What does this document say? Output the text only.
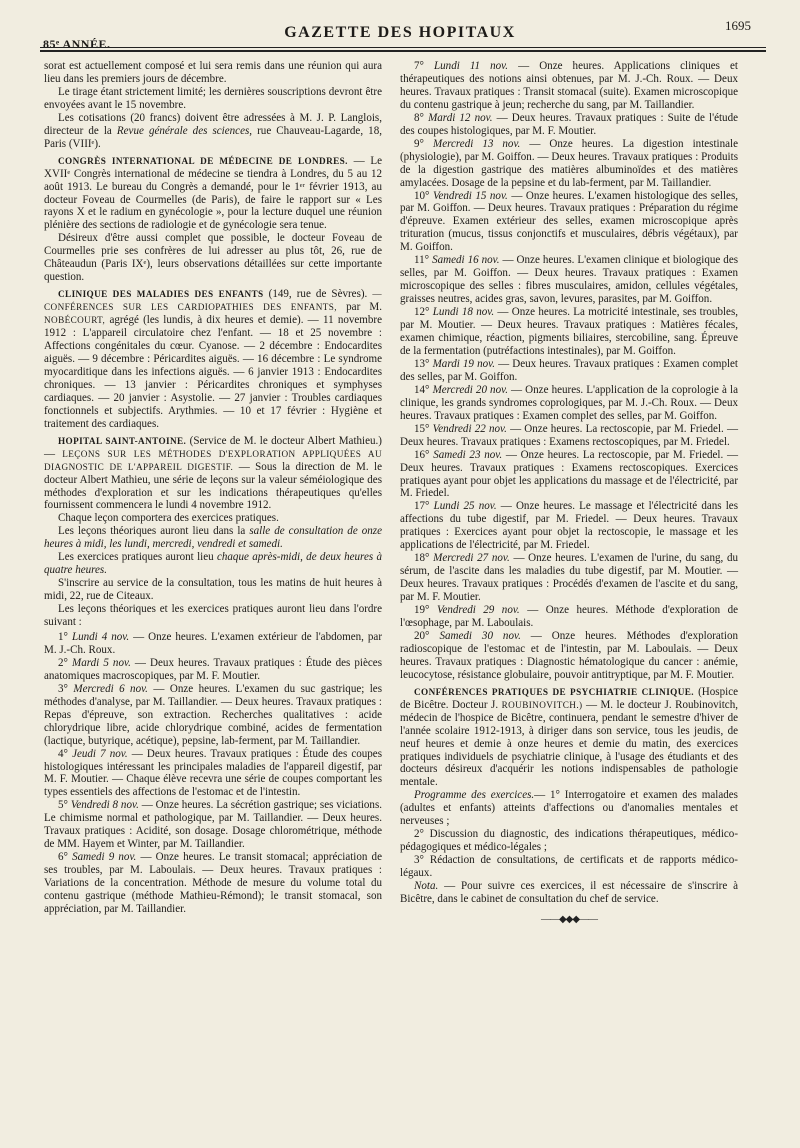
85ᵉ ANNÉE.
GAZETTE DES HOPITAUX	1695

sorat est actuellement composé et lui sera remis dans une réunion qui aura lieu dans les premiers jours de décembre.

Le tirage étant strictement limité; les dernières souscriptions devront être envoyées avant le 15 novembre.

Les cotisations (20 francs) doivent être adressées à M. J. P. Langlois, directeur de la Revue générale des sciences, rue Chauveau-Lagarde, 18, Paris (VIIIᵉ).

CONGRÈS INTERNATIONAL DE MÉDECINE DE LONDRES. — Le XVIIᵉ Congrès international de médecine se tiendra à Londres, du 5 au 12 août 1913. Le bureau du Congrès a demandé, pour le 1ᵉʳ février 1913, au docteur Foveau de Courmelles (de Paris), de faire le rapport sur « Les rayons X et le radium en gynécologie », pour la lecture duquel une réunion plénière des sections de radiologie et de gynécologie sera tenue.

Désireux d'être aussi complet que possible, le docteur Foveau de Courmelles prie ses confrères de lui adresser au plus tôt, 26, rue de Châteaudun (Paris IXᵉ), leurs observations détaillées sur cette importante question.

CLINIQUE DES MALADIES DES ENFANTS (149, rue de Sèvres). — CONFÉRENCES SUR LES CARDIOPATHIES DES ENFANTS, par M. NOBÉCOURT, agrégé (les lundis, à dix heures et demie). — 11 novembre 1912 : L'appareil circulatoire chez l'enfant. — 18 et 25 novembre : Affections congénitales du cœur. Cyanose. — 2 décembre : Endocardites aiguës. — 9 décembre : Péricardites aiguës. — 16 décembre : Le syndrome myocarditique dans les infections aiguës. — 6 janvier 1913 : Endocardites chroniques. — 13 janvier : Péricardites chroniques et symphyses cardiaques. — 20 janvier : Asystolie. — 27 janvier : Troubles cardiaques fonctionnels et subjectifs. Arythmies. — 10 et 17 février : Hygiène et traitement des cardiaques.

HOPITAL SAINT-ANTOINE. (Service de M. le docteur Albert Mathieu.) — LEÇONS SUR LES MÉTHODES D'EXPLORATION APPLIQUÉES AU DIAGNOSTIC DE L'APPAREIL DIGESTIF. — Sous la direction de M. le docteur Albert Mathieu, une série de leçons sur la valeur séméiologique des méthodes d'exploration et sur les indications thérapeutiques qu'elles fournissent commencera le lundi 4 novembre 1912.

Chaque leçon comportera des exercices pratiques.

Les leçons théoriques auront lieu dans la salle de consultation de onze heures à midi, les lundi, mercredi, vendredi et samedi.

Les exercices pratiques auront lieu chaque après-midi, de deux heures à quatre heures.

S'inscrire au service de la consultation, tous les matins de huit heures à midi, 22, rue de Citeaux.

Les leçons théoriques et les exercices pratiques auront lieu dans l'ordre suivant :

1° Lundi 4 nov. — Onze heures. L'examen extérieur de l'abdomen, par M. J.-Ch. Roux.

2° Mardi 5 nov. — Deux heures. Travaux pratiques : Étude des pièces anatomiques macroscopiques, par M. F. Moutier.

3° Mercredi 6 nov. — Onze heures. L'examen du suc gastrique; les méthodes d'analyse, par M. Taillandier. — Deux heures. Travaux pratiques : Repas d'épreuve, son extraction. Recherches qualitatives : acide chlorydrique libre, acide chlorydrique combiné, acides de fermentation (lactique, butyrique, acétique), pepsine, lab-ferment, par M. Taillandier.

4° Jeudi 7 nov. — Deux heures. Travaux pratiques : Étude des coupes histologiques intéressant les principales maladies de l'appareil digestif, par M. F. Moutier. — Chaque élève recevra une série de coupes comportant les types essentiels des affections de l'estomac et de l'intestin.

5° Vendredi 8 nov. — Onze heures. La sécrétion gastrique; ses viciations. Le chimisme normal et pathologique, par M. Taillandier. — Deux heures. Travaux pratiques : Acidité, son dosage. Dosage chlorométrique, méthode de MM. Hayem et Winter, par M. Taillandier.

6° Samedi 9 nov. — Onze heures. Le transit stomacal; appréciation de ses troubles, par M. Laboulais. — Deux heures. Travaux pratiques : Variations de la concentration. Méthode de mesure du volume total du contenu gastrique (méthode Mathieu-Rémond); le transit stomacal, son appréciation, par M. Taillandier.

7° Lundi 11 nov. — Onze heures. Applications cliniques et thérapeutiques des notions ainsi obtenues, par M. J.-Ch. Roux. — Deux heures. Travaux pratiques : Transit stomacal (suite). Examen microscopique du contenu gastrique à jeun; recherche du sang, par M. Taillandier.

8° Mardi 12 nov. — Deux heures. Travaux pratiques : Suite de l'étude des coupes histologiques, par M. F. Moutier.

9° Mercredi 13 nov. — Onze heures. La digestion intestinale (physiologie), par M. Goiffon. — Deux heures. Travaux pratiques : Produits de la digestion gastrique des matières albuminoïdes et des matières amylacées. Dosage de la pepsine et du lab-ferment, par M. Taillandier.

10° Vendredi 15 nov. — Onze heures. L'examen histologique des selles, par M. Goiffon. — Deux heures. Travaux pratiques : Préparation du régime d'épreuve. Examen extérieur des selles, examen microscopique après trituration (mucus, tissus conjonctifs et musculaires, débris végétaux), par M. Goiffon.

11° Samedi 16 nov. — Onze heures. L'examen clinique et biologique des selles, par M. Goiffon. — Deux heures. Travaux pratiques : Examen microscopique des selles : fibres musculaires, amidon, cellules végétales, graisses neutres, acides gras, savon, levures, parasites, par M. Goiffon.

12° Lundi 18 nov. — Onze heures. La motricité intestinale, ses troubles, par M. Moutier. — Deux heures. Travaux pratiques : Matières fécales, examen chimique, réaction, pigments biliaires, stercobiline, sang. Épreuve de la fermentation (putréfactions intestinales), par M. Goiffon.

13° Mardi 19 nov. — Deux heures. Travaux pratiques : Examen complet des selles, par M. Goiffon.

14° Mercredi 20 nov. — Onze heures. L'application de la coprologie à la clinique, les grands syndromes coprologiques, par M. J.-Ch. Roux. — Deux heures. Travaux pratiques : Examen complet des selles, par M. Goiffon.

15° Vendredi 22 nov. — Onze heures. La rectoscopie, par M. Friedel. — Deux heures. Travaux pratiques : Examens rectoscopiques, par M. Friedel.

16° Samedi 23 nov. — Onze heures. La rectoscopie, par M. Friedel. — Deux heures. Travaux pratiques : Examens rectoscopiques. Exercices pratiques ayant pour objet les applications du massage et de l'électricité, par M. Friedel.

17° Lundi 25 nov. — Onze heures. Le massage et l'électricité dans les affections du tube digestif, par M. Friedel. — Deux heures. Travaux pratiques : Exercices ayant pour objet la rectoscopie, le massage et les applications de l'électricité, par M. Friedel.

18° Mercredi 27 nov. — Onze heures. L'examen de l'urine, du sang, du sérum, de l'ascite dans les maladies du tube digestif, par M. Moutier. — Deux heures. Travaux pratiques : Procédés d'examen de l'ascite et du sang, par M. F. Moutier.

19° Vendredi 29 nov. — Onze heures. Méthode d'exploration de l'œsophage, par M. Laboulais.

20° Samedi 30 nov. — Onze heures. Méthodes d'exploration radioscopique de l'estomac et de l'intestin, par M. Laboulais. — Deux heures. Travaux pratiques : Diagnostic hématologique du cancer : anémie, leucocytose, résistance globulaire, pouvoir antitryptique, par M. F. Moutier.

CONFÉRENCES PRATIQUES DE PSYCHIATRIE CLINIQUE. (Hospice de Bicêtre. Docteur J. ROUBINOVITCH.) — M. le docteur J. Roubinovitch, médecin de l'hospice de Bicêtre, continuera, pendant le semestre d'hiver de l'année scolaire 1912-1913, à diriger dans son service, tous les jeudis, de neuf heures et demie à onze heures et demie du matin, des exercices pratiques individuels de psychiatrie clinique, à l'usage des étudiants et des docteurs désireux d'acquérir les notions indispensables de pathologie mentale.

Programme des exercices.— 1° Interrogatoire et examen des malades (adultes et enfants) atteints d'affections ou d'anomalies mentales et nerveuses ;

2° Discussion du diagnostic, des indications thérapeutiques, médico-pédagogiques et médico-légales ;

3° Rédaction de consultations, de certificats et de rapports médico-légaux.

Nota. — Pour suivre ces exercices, il est nécessaire de s'inscrire à Bicêtre, dans le cabinet de consultation du chef de service.

——◆◆◆——
